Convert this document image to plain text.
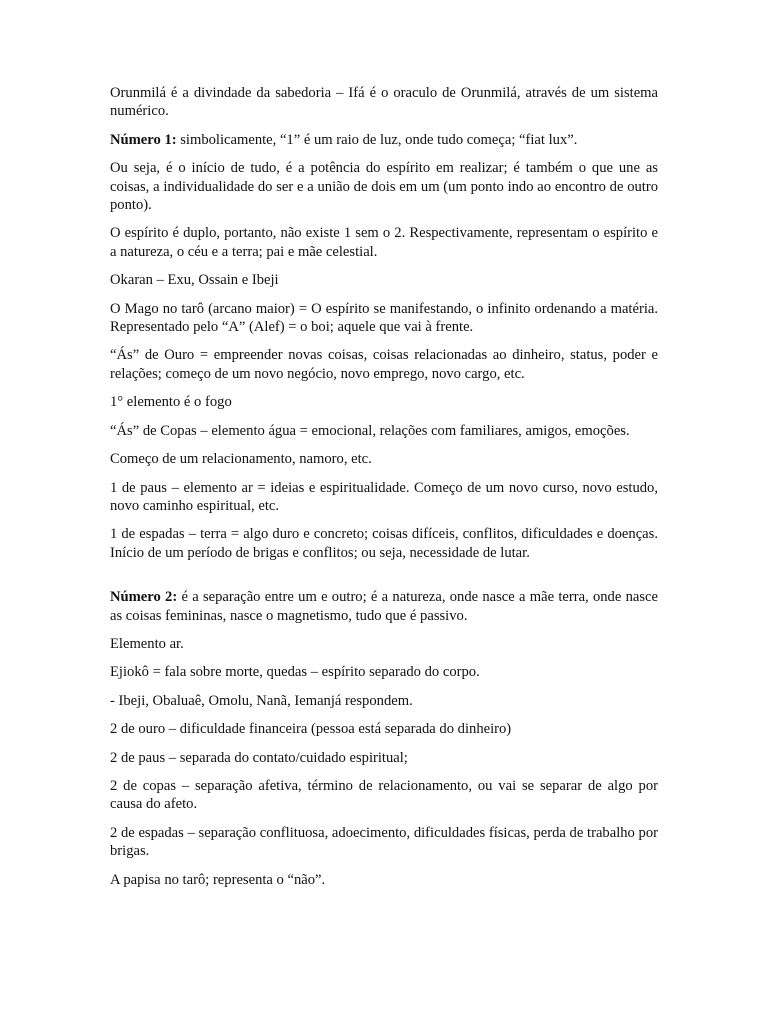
Orunmilá é a divindade da sabedoria – Ifá é o oraculo de Orunmilá, através de um sistema numérico.

Número 1: simbolicamente, “1” é um raio de luz, onde tudo começa; “fiat lux”.

Ou seja, é o início de tudo, é a potência do espírito em realizar; é também o que une as coisas, a individualidade do ser e a união de dois em um (um ponto indo ao encontro de outro ponto).

O espírito é duplo, portanto, não existe 1 sem o 2. Respectivamente, representam o espírito e a natureza, o céu e a terra; pai e mãe celestial.

Okaran – Exu, Ossain e Ibeji

O Mago no tarô (arcano maior) = O espírito se manifestando, o infinito ordenando a matéria. Representado pelo “A” (Alef) = o boi; aquele que vai à frente.

“Ás” de Ouro = empreender novas coisas, coisas relacionadas ao dinheiro, status, poder e relações; começo de um novo negócio, novo emprego, novo cargo, etc.

1° elemento é o fogo

“Ás” de Copas – elemento água = emocional, relações com familiares, amigos, emoções.

Começo de um relacionamento, namoro, etc.

1 de paus – elemento ar = ideias e espiritualidade. Começo de um novo curso, novo estudo, novo caminho espiritual, etc.

1 de espadas – terra = algo duro e concreto; coisas difíceis, conflitos, dificuldades e doenças. Início de um período de brigas e conflitos; ou seja, necessidade de lutar.

Número 2: é a separação entre um e outro; é a natureza, onde nasce a mãe terra, onde nasce as coisas femininas, nasce o magnetismo, tudo que é passivo.

Elemento ar.

Ejiokô = fala sobre morte, quedas – espírito separado do corpo.

- Ibeji, Obaluaê, Omolu, Nanã, Iemanjá respondem.

2 de ouro – dificuldade financeira (pessoa está separada do dinheiro)

2 de paus – separada do contato/cuidado espiritual;

2 de copas – separação afetiva, término de relacionamento, ou vai se separar de algo por causa do afeto.

2 de espadas – separação conflituosa, adoecimento, dificuldades físicas, perda de trabalho por brigas.

A papisa no tarô; representa o “não”.
